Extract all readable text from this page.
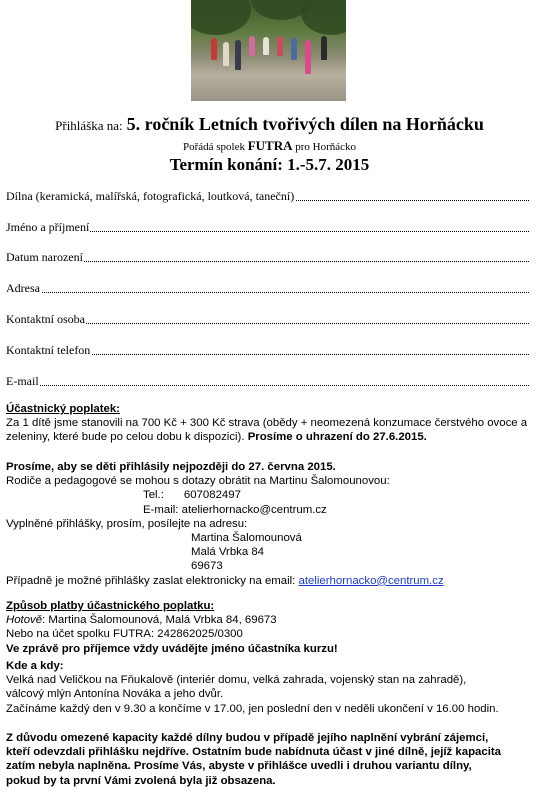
Přihláška na: 5. ročník Letních tvořivých dílen na Horňácku
Pořádá spolek FUTRA pro Horňácko
Termín konání: 1.-5.7. 2015
Dílna (keramická, malířská, fotografická, loutková, taneční)
Jméno a příjmení
Datum narození
Adresa
Kontaktní osoba
Kontaktní telefon
E-mail
Účastnický poplatek:
Za 1 dítě jsme stanovili na 700 Kč + 300 Kč strava (obědy + neomezená konzumace čerstvého ovoce a zeleniny, které bude po celou dobu k dispozici). Prosíme o uhrazení do 27.6.2015.
Prosíme, aby se děti přihlásily nejpozději do 27. června 2015.
Rodiče a pedagogové se mohou s dotazy obrátit na Martinu Šalomounovou:
Tel.: 607082497
E-mail: atelierhornacko@centrum.cz
Vyplněné přihlášky, prosím, posílejte na adresu:
Martina Šalomounová
Malá Vrbka 84
69673
Případně je možné přihlášky zaslat elektronicky na email: atelierhornacko@centrum.cz
Způsob platby účastnického poplatku:
Hotově: Martina Šalomounová, Malá Vrbka 84, 69673
Nebo na účet spolku FUTRA: 242862025/0300
Ve zprávě pro příjemce vždy uvádějte jméno účastníka kurzu!
Kde a kdy:
Velká nad Veličkou na Fňukalově (interiér domu, velká zahrada, vojenský stan na zahradě),
válcový mlýn Antonína Nováka a jeho dvůr.
Začínáme každý den v 9.30 a končíme v 17.00, jen poslední den v neděli ukončení v 16.00 hodin.
Z důvodu omezené kapacity každé dílny budou v případě jejího naplnění vybrání zájemci,
kteří odevzdali přihlášku nejdříve. Ostatním bude nabídnuta účast v jiné dílně, jejíž kapacita
zatím nebyla naplněna. Prosíme Vás, abyste v přihlášce uvedli i druhou variantu dílny,
pokud by ta první Vámi zvolená byla již obsazena.
